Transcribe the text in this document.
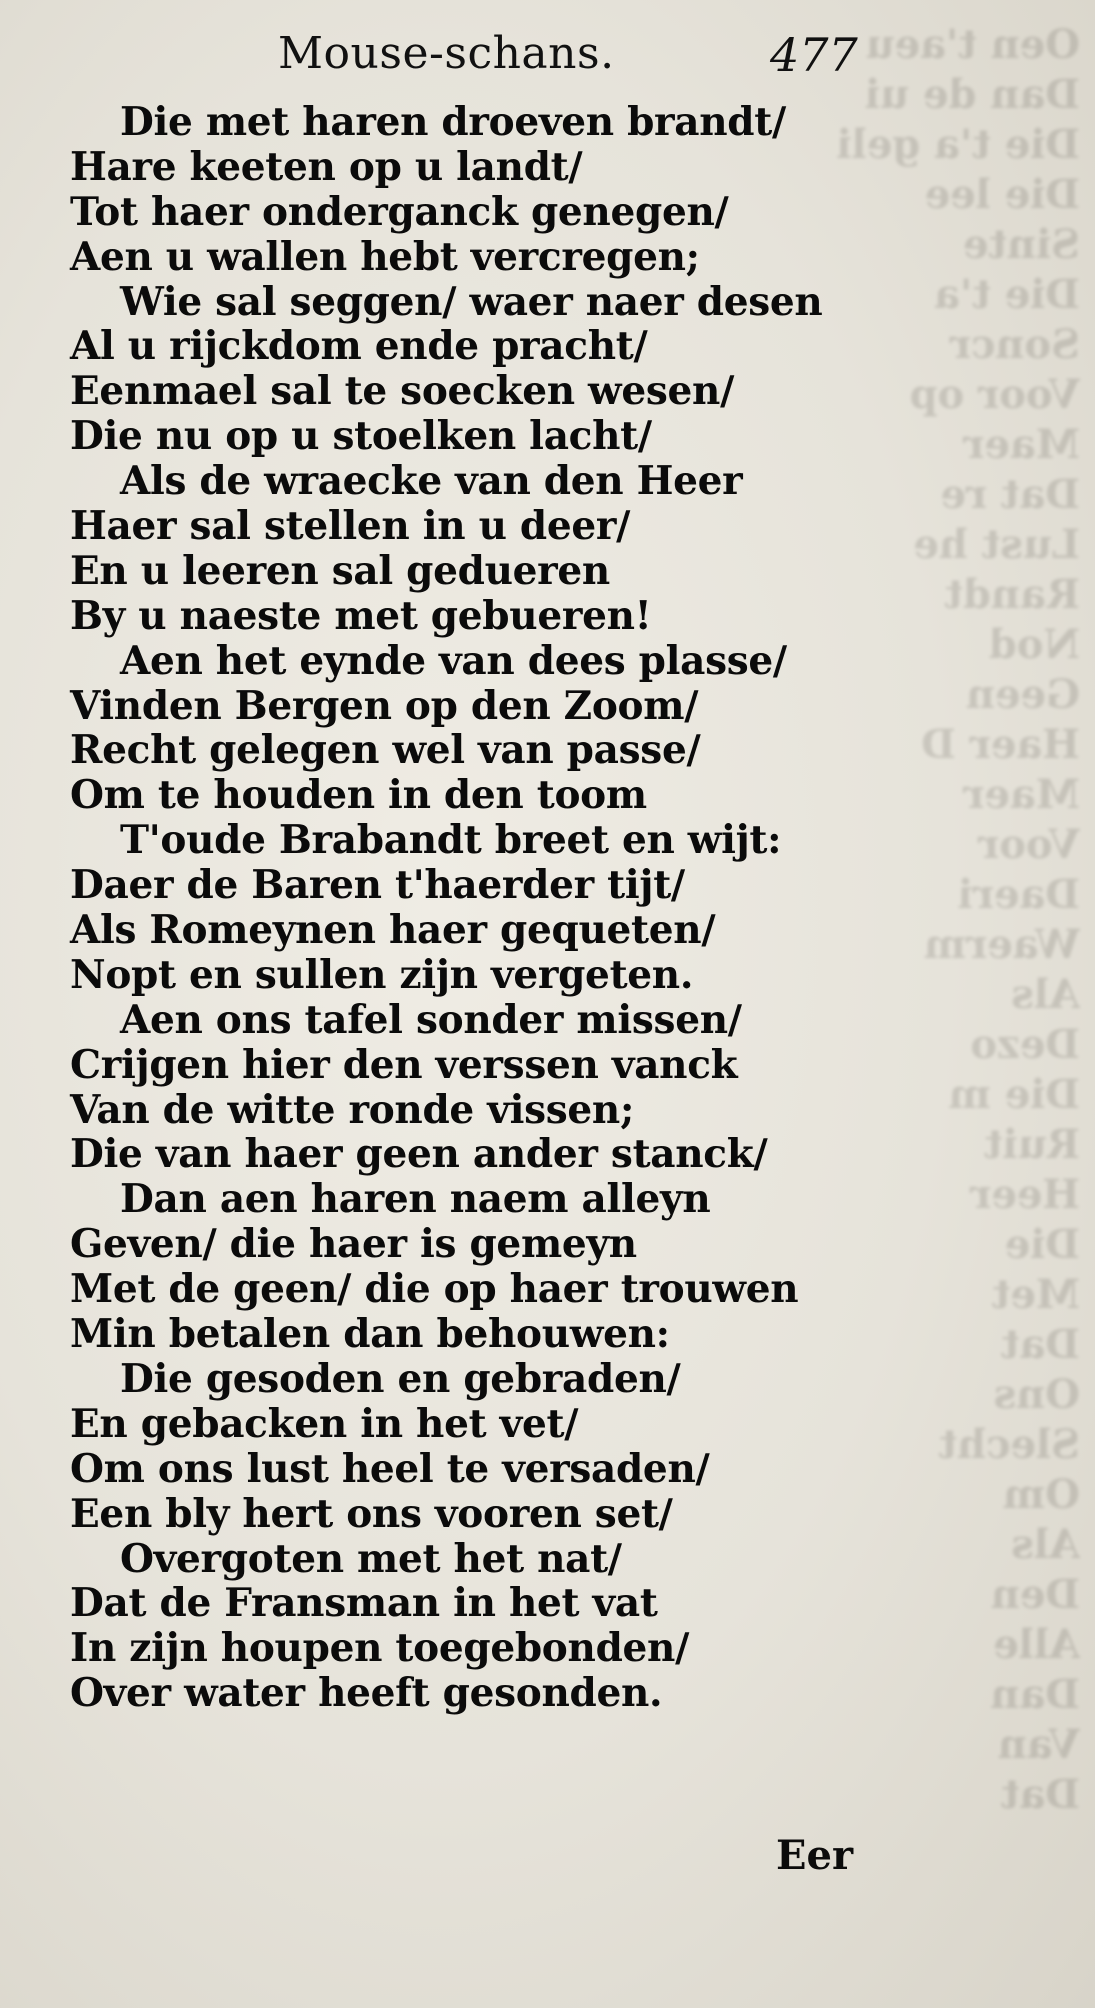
Oen t'aeu
Dan de ui
Die t'a geli
Die lee
Sinte
Die t'a
Soncr
Voor op
Maer
Dat re
Lust he
Randt
Nod
Geen
Haer D
Maer
Voor
Daeri
Waerm
Als
Dezo
Die m
Ruit
Heer
Die
Met
Dat
Ons
Slecht
Om
Als
Den
Alle
Dan
Van
Dat
Mouse-schans.	477
Die met haren droeven brandt/
Hare keeten op u landt/
Tot haer onderganck genegen/
Aen u wallen hebt vercregen;
Wie sal seggen/ waer naer desen
Al u rijckdom ende pracht/
Eenmael sal te soecken wesen/
Die nu op u stoelken lacht/
Als de wraecke van den Heer
Haer sal stellen in u deer/
En u leeren sal gedueren
By u naeste met gebueren!
Aen het eynde van dees plasse/
Vinden Bergen op den Zoom/
Recht gelegen wel van passe/
Om te houden in den toom
T'oude Brabandt breet en wijt:
Daer de Baren t'haerder tijt/
Als Romeynen haer gequeten/
Nopt en sullen zijn vergeten.
Aen ons tafel sonder missen/
Crijgen hier den verssen vanck
Van de witte ronde vissen;
Die van haer geen ander stanck/
Dan aen haren naem alleyn
Geven/ die haer is gemeyn
Met de geen/ die op haer trouwen
Min betalen dan behouwen:
Die gesoden en gebraden/
En gebacken in het vet/
Om ons lust heel te versaden/
Een bly hert ons vooren set/
Overgoten met het nat/
Dat de Fransman in het vat
In zijn houpen toegebonden/
Over water heeft gesonden.
Eer
